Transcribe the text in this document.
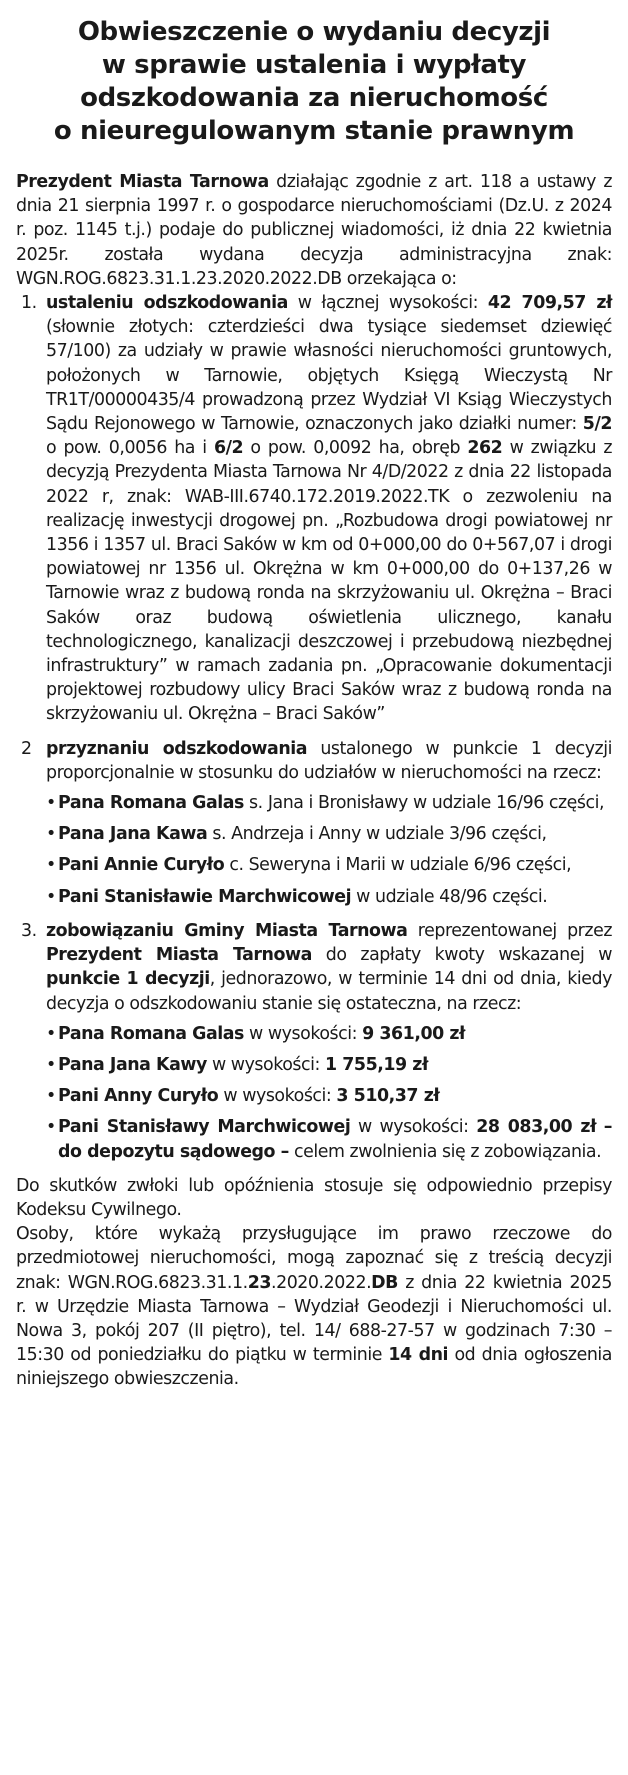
Obwieszczenie o wydaniu decyzji
w sprawie ustalenia i wypłaty
odszkodowania za nieruchomość
o nieuregulowanym stanie prawnym

Prezydent Miasta Tarnowa działając zgodnie z art. 118 a ustawy z dnia 21 sierpnia 1997 r. o gospodarce nieruchomościami (Dz.U. z 2024 r. poz. 1145 t.j.) podaje do publicznej wiadomości, iż dnia 22 kwietnia 2025r. została wydana decyzja administracyjna znak: WGN.ROG.6823.31.1.23.2020.2022.DB orzekająca o:

1. ustaleniu odszkodowania w łącznej wysokości: 42 709,57 zł (słownie złotych: czterdzieści dwa tysiące siedemset dziewięć 57/100) za udziały w prawie własności nieruchomości gruntowych, położonych w Tarnowie, objętych Księgą Wieczystą Nr TR1T/00000435/4 prowadzoną przez Wydział VI Ksiąg Wieczystych Sądu Rejonowego w Tarnowie, oznaczonych jako działki numer: 5/2 o pow. 0,0056 ha i 6/2 o pow. 0,0092 ha, obręb 262 w związku z decyzją Prezydenta Miasta Tarnowa Nr 4/D/2022 z dnia 22 listopada 2022 r, znak: WAB-III.6740.172.2019.2022.TK o zezwoleniu na realizację inwestycji drogowej pn. „Rozbudowa drogi powiatowej nr 1356 i 1357 ul. Braci Saków w km od 0+000,00 do 0+567,07 i drogi powiatowej nr 1356 ul. Okrężna w km 0+000,00 do 0+137,26 w Tarnowie wraz z budową ronda na skrzyżowaniu ul. Okrężna – Braci Saków oraz budową oświetlenia ulicznego, kanału technologicznego, kanalizacji deszczowej i przebudową niezbędnej infrastruktury” w ramach zadania pn. „Opracowanie dokumentacji projektowej rozbudowy ulicy Braci Saków wraz z budową ronda na skrzyżowaniu ul. Okrężna – Braci Saków”

2 przyznaniu odszkodowania ustalonego w punkcie 1 decyzji proporcjonalnie w stosunku do udziałów w nieruchomości na rzecz:

• Pana Romana Galas s. Jana i Bronisławy w udziale 16/96 części,
• Pana Jana Kawa s. Andrzeja i Anny w udziale 3/96 części,
• Pani Annie Curyło c. Seweryna i Marii w udziale 6/96 części,
• Pani Stanisławie Marchwicowej w udziale 48/96 części.
3. zobowiązaniu Gminy Miasta Tarnowa reprezentowanej przez Prezydent Miasta Tarnowa do zapłaty kwoty wskazanej w punkcie 1 decyzji, jednorazowo, w terminie 14 dni od dnia, kiedy decyzja o odszkodowaniu stanie się ostateczna, na rzecz:

• Pana Romana Galas w wysokości: 9 361,00 zł
• Pana Jana Kawy w wysokości: 1 755,19 zł
• Pani Anny Curyło w wysokości: 3 510,37 zł
• Pani Stanisławy Marchwicowej w wysokości: 28 083,00 zł – do depozytu sądowego – celem zwolnienia się z zobowiązania.

Do skutków zwłoki lub opóźnienia stosuje się odpowiednio przepisy Kodeksu Cywilnego.

Osoby, które wykażą przysługujące im prawo rzeczowe do przedmiotowej nieruchomości, mogą zapoznać się z treścią decyzji znak: WGN.ROG.6823.31.1.23.2020.2022.DB z dnia 22 kwietnia 2025 r. w Urzędzie Miasta Tarnowa – Wydział Geodezji i Nieruchomości ul. Nowa 3, pokój 207 (II piętro), tel. 14/ 688-27-57 w godzinach 7:30 – 15:30 od poniedziałku do piątku w terminie 14 dni od dnia ogłoszenia niniejszego obwieszczenia.
